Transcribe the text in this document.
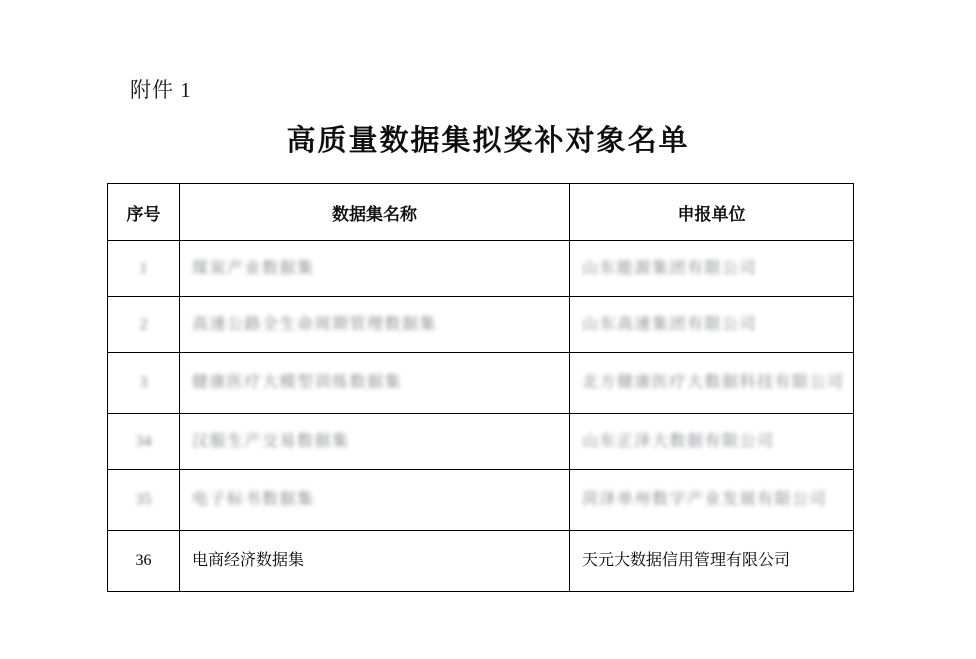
附件 1
高质量数据集拟奖补对象名单
序号	数据集名称	申报单位
1	煤炭产业数据集	山东能源集团有限公司
2	高速公路全生命周期管理数据集	山东高速集团有限公司
3	健康医疗大模型训练数据集	北方健康医疗大数据科技有限公司
34	汉服生产交易数据集	山东正泽大数据有限公司
35	电子标书数据集	菏泽单州数字产业发展有限公司
36	电商经济数据集	天元大数据信用管理有限公司
